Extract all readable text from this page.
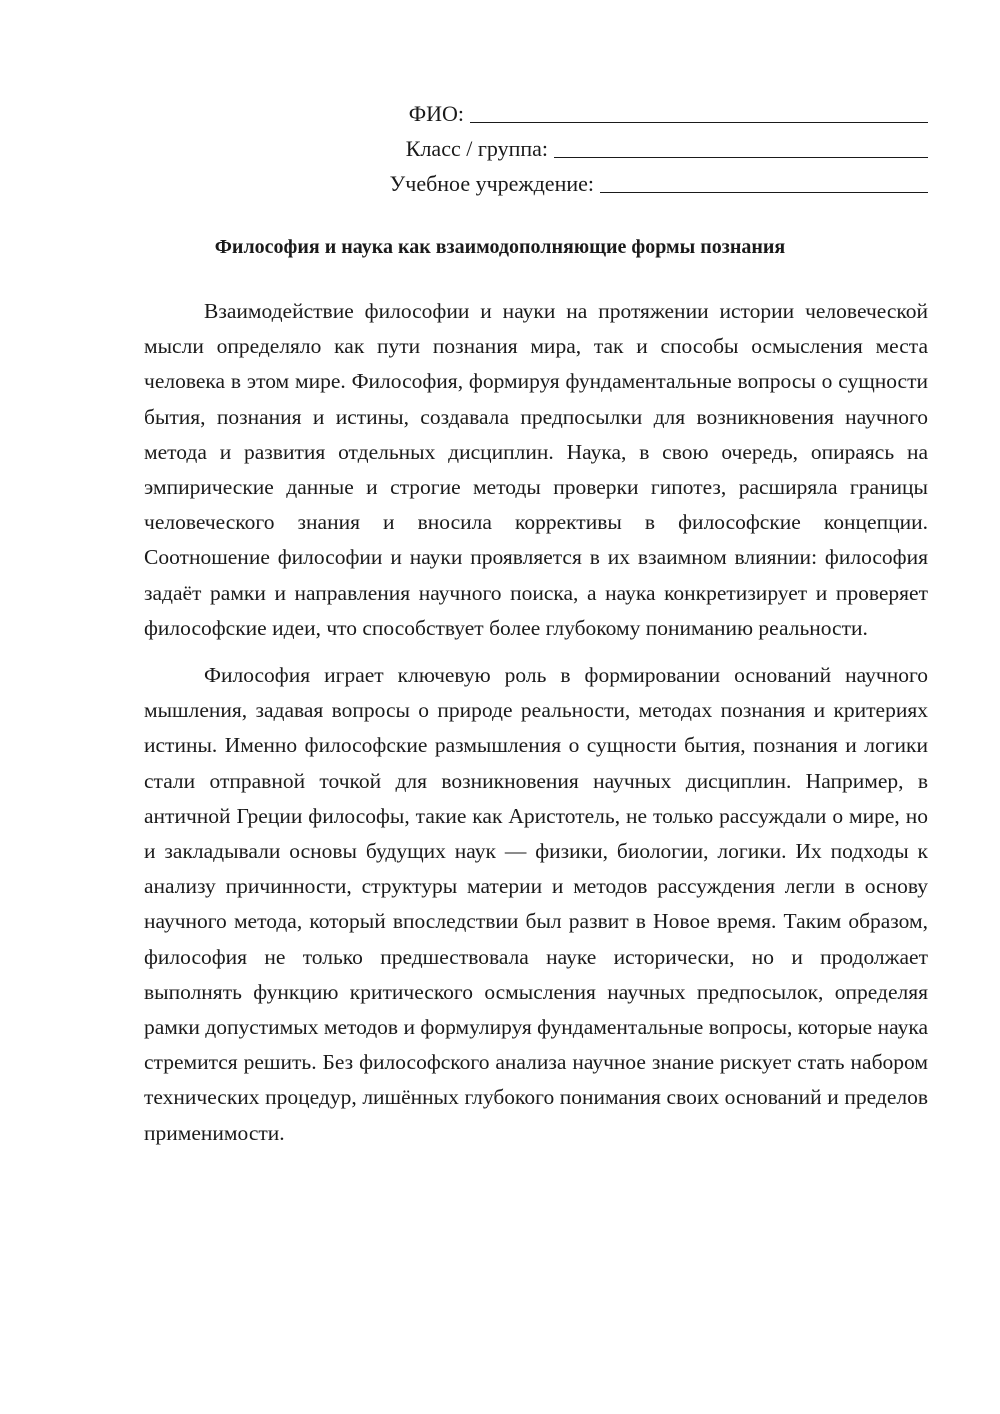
ФИО:
Класс / группа:
Учебное учреждение:
Философия и наука как взаимодополняющие формы познания

Взаимодействие философии и науки на протяжении истории человеческой мысли определяло как пути познания мира, так и способы осмысления места человека в этом мире. Философия, формируя фундаментальные вопросы о сущности бытия, познания и истины, создавала предпосылки для возникновения научного метода и развития отдельных дисциплин. Наука, в свою очередь, опираясь на эмпирические данные и строгие методы проверки гипотез, расширяла границы человеческого знания и вносила коррективы в философские концепции. Соотношение философии и науки проявляется в их взаимном влиянии: философия задаёт рамки и направления научного поиска, а наука конкретизирует и проверяет философские идеи, что способствует более глубокому пониманию реальности.

Философия играет ключевую роль в формировании оснований научного мышления, задавая вопросы о природе реальности, методах познания и критериях истины. Именно философские размышления о сущности бытия, познания и логики стали отправной точкой для возникновения научных дисциплин. Например, в античной Греции философы, такие как Аристотель, не только рассуждали о мире, но и закладывали основы будущих наук — физики, биологии, логики. Их подходы к анализу причинности, структуры материи и методов рассуждения легли в основу научного метода, который впоследствии был развит в Новое время. Таким образом, философия не только предшествовала науке исторически, но и продолжает выполнять функцию критического осмысления научных предпосылок, определяя рамки допустимых методов и формулируя фундаментальные вопросы, которые наука стремится решить. Без философского анализа научное знание рискует стать набором технических процедур, лишённых глубокого понимания своих оснований и пределов применимости.
